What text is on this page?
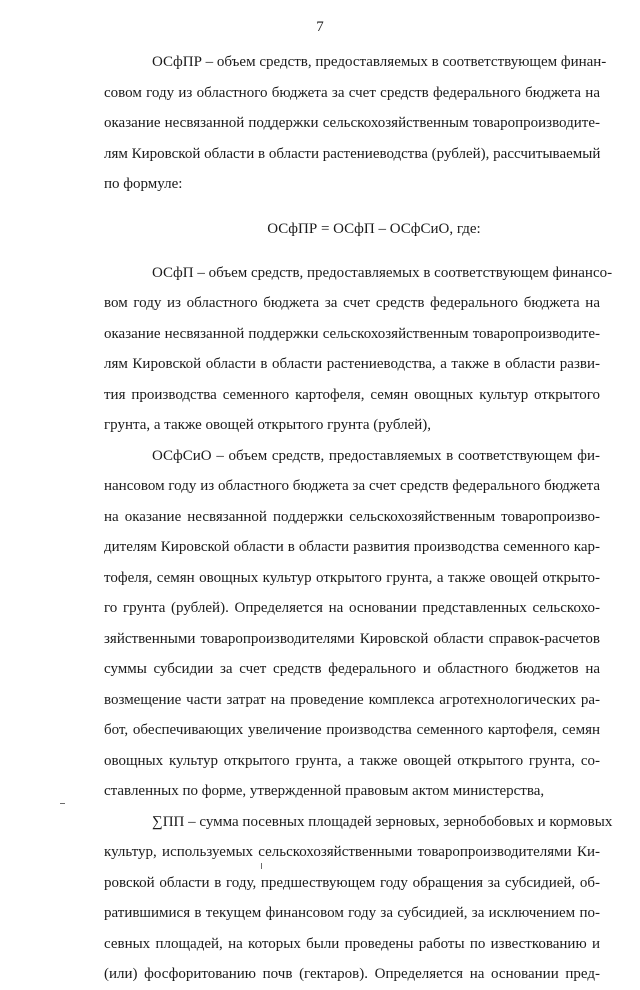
7
ОСфПР – объем средств, предоставляемых в соответствующем финан-
совом году из областного бюджета за счет средств федерального бюджета на
оказание несвязанной поддержки сельскохозяйственным товаропроизводите-
лям Кировской области в области растениеводства (рублей), рассчитываемый
по формуле:
ОСфПР = ОСфП – ОСфСиО, где:
ОСфП – объем средств, предоставляемых в соответствующем финансо-
вом году из областного бюджета за счет средств федерального бюджета на
оказание несвязанной поддержки сельскохозяйственным товаропроизводите-
лям Кировской области в области растениеводства, а также в области разви-
тия производства семенного картофеля, семян овощных культур открытого
грунта, а также овощей открытого грунта (рублей),
ОСфСиО – объем средств, предоставляемых в соответствующем фи-
нансовом году из областного бюджета за счет средств федерального бюджета
на оказание несвязанной поддержки сельскохозяйственным товаропроизво-
дителям Кировской области в области развития производства семенного кар-
тофеля, семян овощных культур открытого грунта, а также овощей открыто-
го грунта (рублей). Определяется на основании представленных сельскохо-
зяйственными товаропроизводителями Кировской области справок-расчетов
суммы субсидии за счет средств федерального и областного бюджетов на
возмещение части затрат на проведение комплекса агротехнологических ра-
бот, обеспечивающих увеличение производства семенного картофеля, семян
овощных культур открытого грунта, а также овощей открытого грунта, со-
ставленных по форме, утвержденной правовым актом министерства,
∑ПП – сумма посевных площадей зерновых, зернобобовых и кормовых
культур, используемых сельскохозяйственными товаропроизводителями Ки-
ровской области в году, предшествующем году обращения за субсидией, об-
ратившимися в текущем финансовом году за субсидией, за исключением по-
севных площадей, на которых были проведены работы по известкованию и
(или) фосфоритованию почв (гектаров). Определяется на основании пред-
